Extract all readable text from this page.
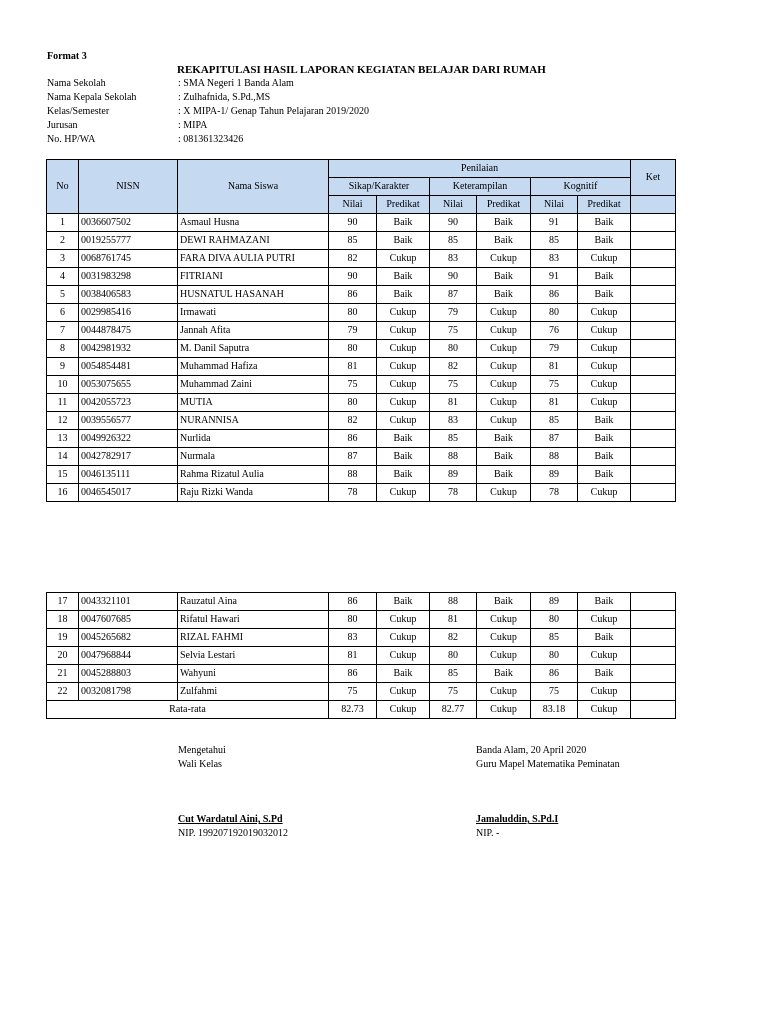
Format 3
REKAPITULASI HASIL LAPORAN KEGIATAN BELAJAR DARI RUMAH
Nama Sekolah	: SMA Negeri 1 Banda Alam
Nama Kepala Sekolah	: Zulhafnida, S.Pd.,MS
Kelas/Semester	: X MIPA-1/ Genap Tahun Pelajaran 2019/2020
Jurusan	: MIPA
No. HP/WA	: 081361323426
No	NISN	Nama Siswa	Penilaian						Ket
			Sikap/Karakter		Keterampilan		Kognitif		
			Nilai	Predikat	Nilai	Predikat	Nilai	Predikat	
1	0036607502	Asmaul Husna	90	Baik	90	Baik	91	Baik	
2	0019255777	DEWI RAHMAZANI	85	Baik	85	Baik	85	Baik	
3	0068761745	FARA DIVA AULIA PUTRI	82	Cukup	83	Cukup	83	Cukup	
4	0031983298	FITRIANI	90	Baik	90	Baik	91	Baik	
5	0038406583	HUSNATUL HASANAH	86	Baik	87	Baik	86	Baik	
6	0029985416	Irmawati	80	Cukup	79	Cukup	80	Cukup	
7	0044878475	Jannah Afita	79	Cukup	75	Cukup	76	Cukup	
8	0042981932	M. Danil Saputra	80	Cukup	80	Cukup	79	Cukup	
9	0054854481	Muhammad Hafiza	81	Cukup	82	Cukup	81	Cukup	
10	0053075655	Muhammad Zaini	75	Cukup	75	Cukup	75	Cukup	
11	0042055723	MUTIA	80	Cukup	81	Cukup	81	Cukup	
12	0039556577	NURANNISA	82	Cukup	83	Cukup	85	Baik	
13	0049926322	Nurlida	86	Baik	85	Baik	87	Baik	
14	0042782917	Nurmala	87	Baik	88	Baik	88	Baik	
15	0046135111	Rahma Rizatul Aulia	88	Baik	89	Baik	89	Baik	
16	0046545017	Raju Rizki Wanda	78	Cukup	78	Cukup	78	Cukup	
17	0043321101	Rauzatul Aina	86	Baik	88	Baik	89	Baik	
18	0047607685	Rifatul Hawari	80	Cukup	81	Cukup	80	Cukup	
19	0045265682	RIZAL FAHMI	83	Cukup	82	Cukup	85	Baik	
20	0047968844	Selvia Lestari	81	Cukup	80	Cukup	80	Cukup	
21	0045288803	Wahyuni	86	Baik	85	Baik	86	Baik	
22	0032081798	Zulfahmi	75	Cukup	75	Cukup	75	Cukup	
Rata-rata			82.73	Cukup	82.77	Cukup	83.18	Cukup	
Mengetahui
Wali Kelas
Cut Wardatul Aini, S.Pd
NIP. 199207192019032012
Banda Alam, 20 April 2020
Guru Mapel Matematika Peminatan
Jamaluddin, S.Pd.I
NIP. -
